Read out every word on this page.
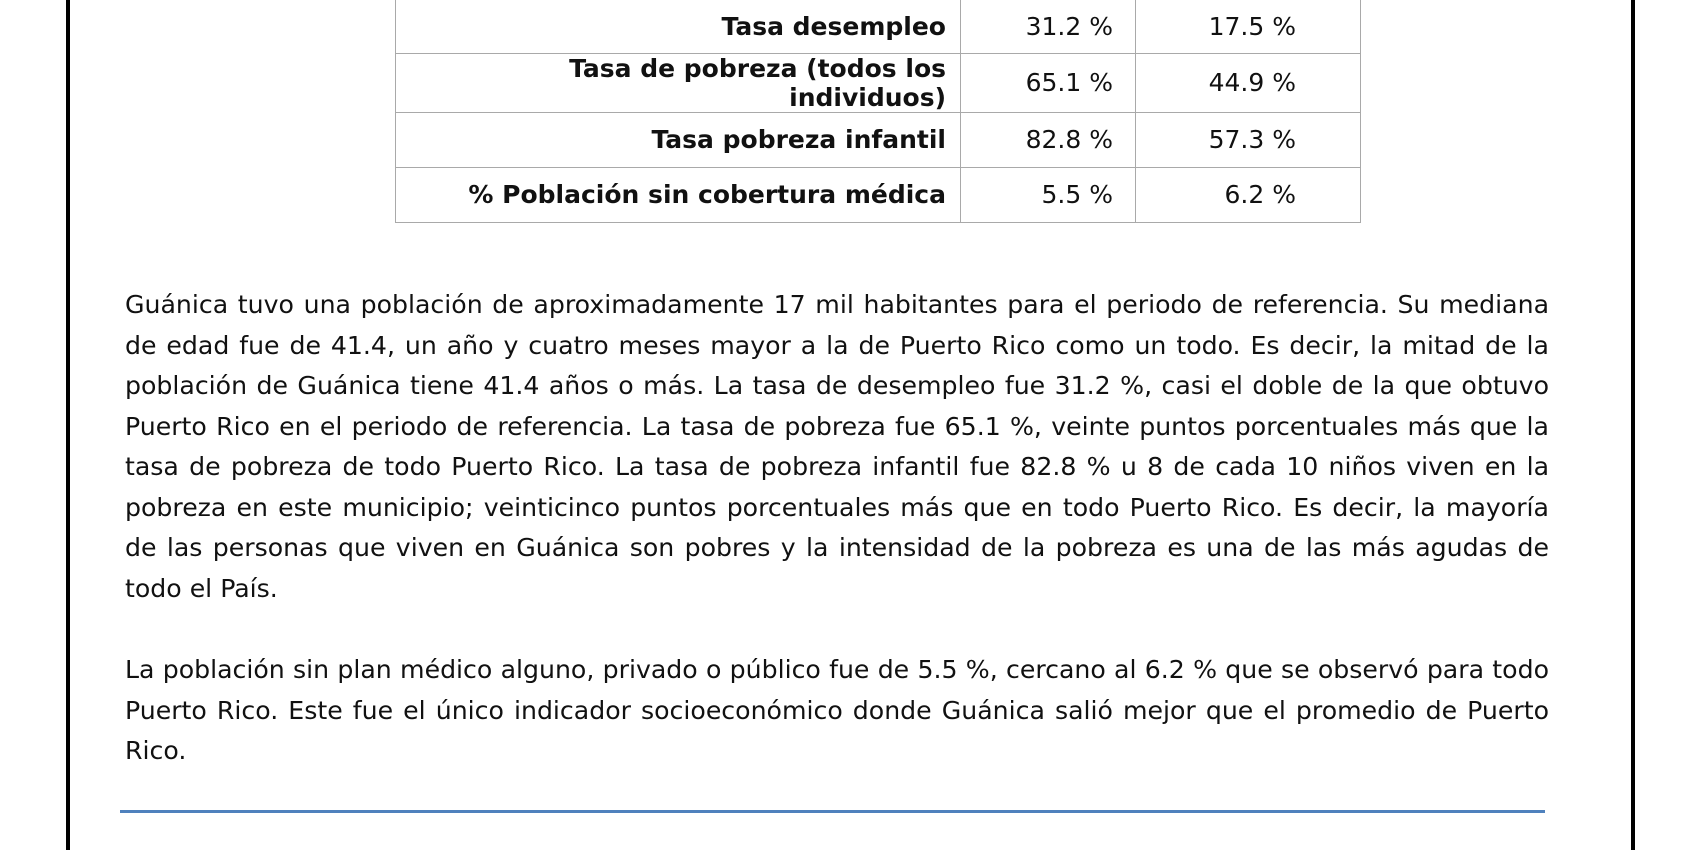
Tasa desempleo	31.2 %	17.5 %
Tasa de pobreza (todos los individuos)	65.1 %	44.9 %
Tasa pobreza infantil	82.8 %	57.3 %
% Población sin cobertura médica	5.5 %	6.2 %

Guánica tuvo una población de aproximadamente 17 mil habitantes para el periodo de referencia. Su mediana de edad fue de 41.4, un año y cuatro meses mayor a la de Puerto Rico como un todo. Es decir, la mitad de la población de Guánica tiene 41.4 años o más. La tasa de desempleo fue 31.2 %, casi el doble de la que obtuvo Puerto Rico en el periodo de referencia. La tasa de pobreza fue 65.1 %, veinte puntos porcentuales más que la tasa de pobreza de todo Puerto Rico. La tasa de pobreza infantil fue 82.8 % u 8 de cada 10 niños viven en la pobreza en este municipio; veinticinco puntos porcentuales más que en todo Puerto Rico. Es decir, la mayoría de las personas que viven en Guánica son pobres y la intensidad de la pobreza es una de las más agudas de todo el País.

La población sin plan médico alguno, privado o público fue de 5.5 %, cercano al 6.2 % que se observó para todo Puerto Rico. Este fue el único indicador socioeconómico donde Guánica salió mejor que el promedio de Puerto Rico.
